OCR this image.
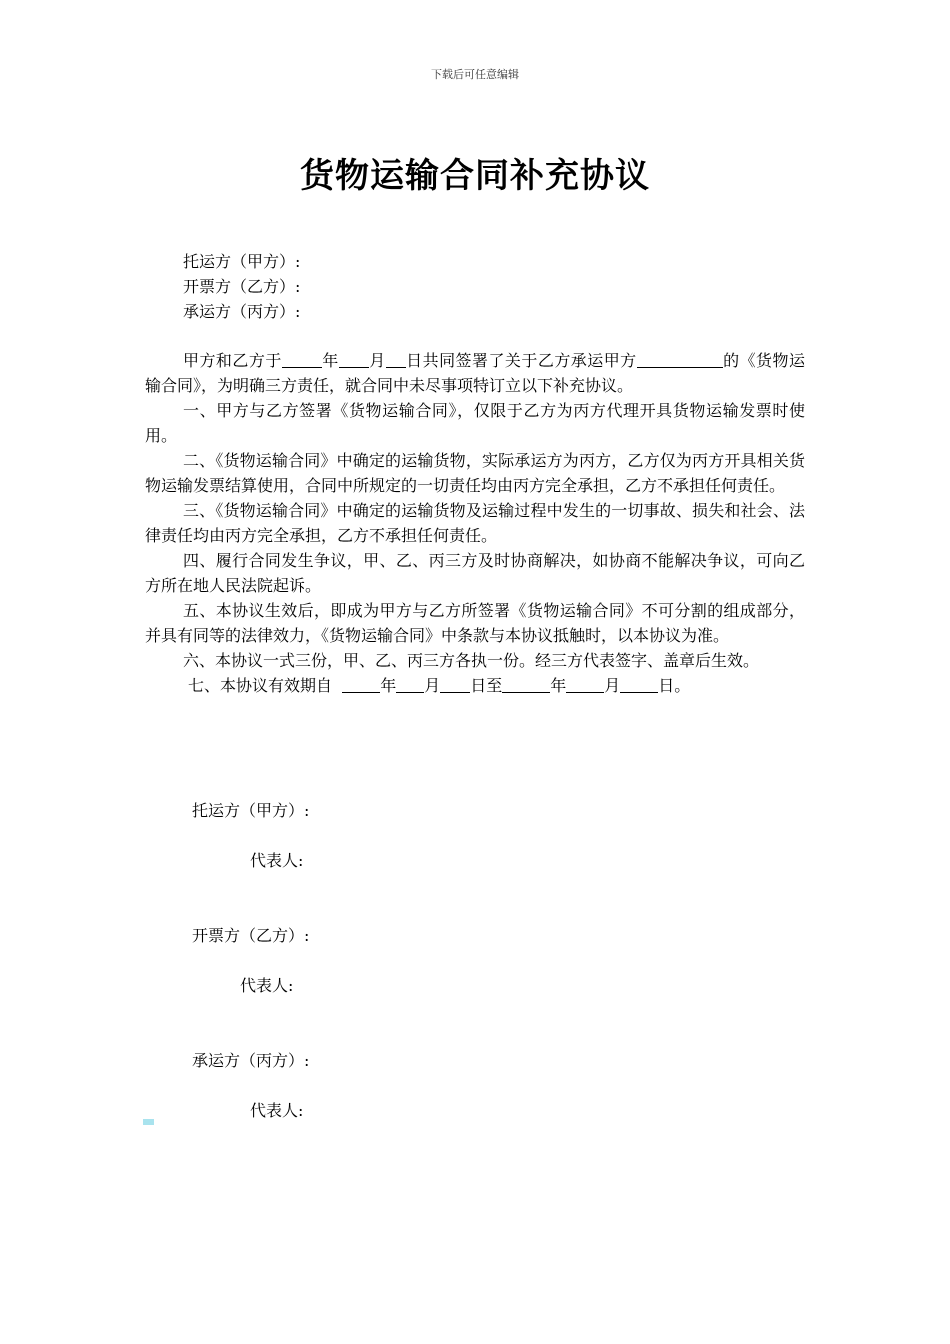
下载后可任意编辑
货物运输合同补充协议
托运方（甲方）:
开票方（乙方）:
承运方（丙方）:

甲方和乙方于	年 月 日共同签署了关于乙方承运甲方	的《货物运输合同》，为明确三方责任，就合同中未尽事项特订立以下补充协议。

一、甲方与乙方签署《货物运输合同》，仅限于乙方为丙方代理开具货物运输发票时使用。

二、《货物运输合同》中确定的运输货物，实际承运方为丙方，乙方仅为丙方开具相关货物运输发票结算使用，合同中所规定的一切责任均由丙方完全承担，乙方不承担任何责任。

三、《货物运输合同》中确定的运输货物及运输过程中发生的一切事故、损失和社会、法律责任均由丙方完全承担，乙方不承担任何责任。

四、履行合同发生争议，甲、乙、丙三方及时协商解决，如协商不能解决争议，可向乙方所在地人民法院起诉。

五、本协议生效后，即成为甲方与乙方所签署《货物运输合同》不可分割的组成部分，并具有同等的法律效力，《货物运输合同》中条款与本协议抵触时，以本协议为准。

六、本协议一式三份，甲、乙、丙三方各执一份。经三方代表签字、盖章后生效。

七、本协议有效期自	年 月 日至	年 月 日。

托运方（甲方）:
代表人:
开票方（乙方）:
代表人:
承运方（丙方）:
代表人:
